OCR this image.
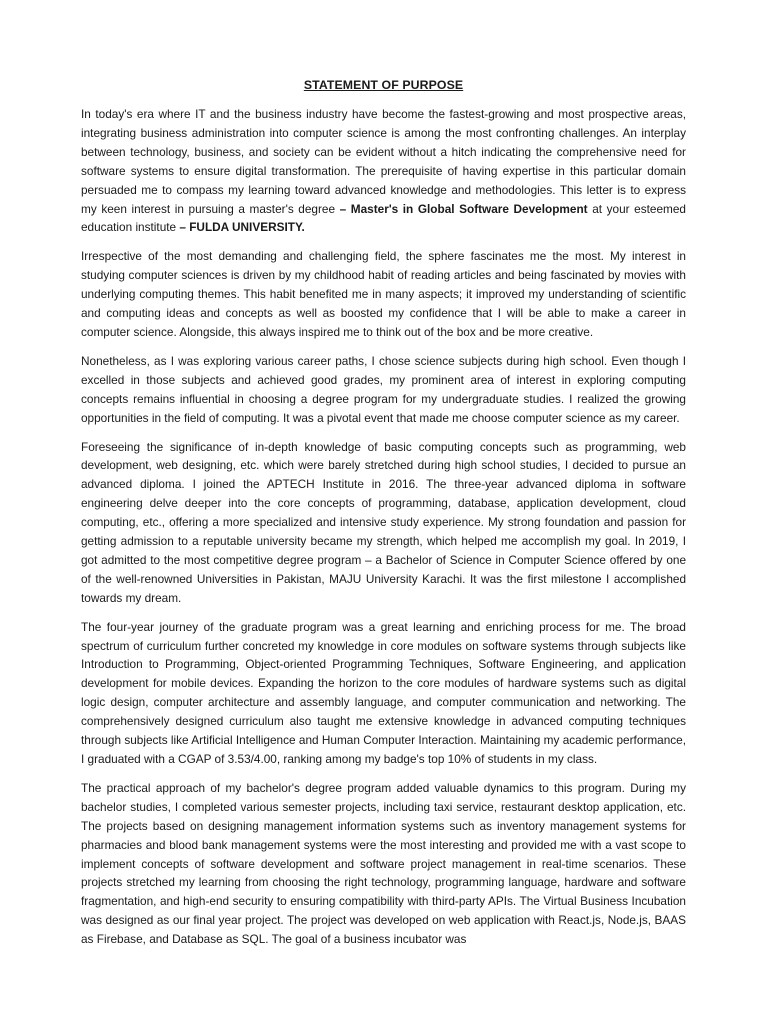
STATEMENT OF PURPOSE

In today's era where IT and the business industry have become the fastest-growing and most prospective areas, integrating business administration into computer science is among the most confronting challenges. An interplay between technology, business, and society can be evident without a hitch indicating the comprehensive need for software systems to ensure digital transformation. The prerequisite of having expertise in this particular domain persuaded me to compass my learning toward advanced knowledge and methodologies. This letter is to express my keen interest in pursuing a master's degree – Master's in Global Software Development at your esteemed education institute – FULDA UNIVERSITY.

Irrespective of the most demanding and challenging field, the sphere fascinates me the most. My interest in studying computer sciences is driven by my childhood habit of reading articles and being fascinated by movies with underlying computing themes. This habit benefited me in many aspects; it improved my understanding of scientific and computing ideas and concepts as well as boosted my confidence that I will be able to make a career in computer science. Alongside, this always inspired me to think out of the box and be more creative.

Nonetheless, as I was exploring various career paths, I chose science subjects during high school. Even though I excelled in those subjects and achieved good grades, my prominent area of interest in exploring computing concepts remains influential in choosing a degree program for my undergraduate studies. I realized the growing opportunities in the field of computing. It was a pivotal event that made me choose computer science as my career.

Foreseeing the significance of in-depth knowledge of basic computing concepts such as programming, web development, web designing, etc. which were barely stretched during high school studies, I decided to pursue an advanced diploma. I joined the APTECH Institute in 2016. The three-year advanced diploma in software engineering delve deeper into the core concepts of programming, database, application development, cloud computing, etc., offering a more specialized and intensive study experience. My strong foundation and passion for getting admission to a reputable university became my strength, which helped me accomplish my goal. In 2019, I got admitted to the most competitive degree program – a Bachelor of Science in Computer Science offered by one of the well-renowned Universities in Pakistan, MAJU University Karachi. It was the first milestone I accomplished towards my dream.

The four-year journey of the graduate program was a great learning and enriching process for me. The broad spectrum of curriculum further concreted my knowledge in core modules on software systems through subjects like Introduction to Programming, Object-oriented Programming Techniques, Software Engineering, and application development for mobile devices. Expanding the horizon to the core modules of hardware systems such as digital logic design, computer architecture and assembly language, and computer communication and networking. The comprehensively designed curriculum also taught me extensive knowledge in advanced computing techniques through subjects like Artificial Intelligence and Human Computer Interaction. Maintaining my academic performance, I graduated with a CGAP of 3.53/4.00, ranking among my badge's top 10% of students in my class.

The practical approach of my bachelor's degree program added valuable dynamics to this program. During my bachelor studies, I completed various semester projects, including taxi service, restaurant desktop application, etc. The projects based on designing management information systems such as inventory management systems for pharmacies and blood bank management systems were the most interesting and provided me with a vast scope to implement concepts of software development and software project management in real-time scenarios. These projects stretched my learning from choosing the right technology, programming language, hardware and software fragmentation, and high-end security to ensuring compatibility with third-party APIs. The Virtual Business Incubation was designed as our final year project. The project was developed on web application with React.js, Node.js, BAAS as Firebase, and Database as SQL. The goal of a business incubator was
